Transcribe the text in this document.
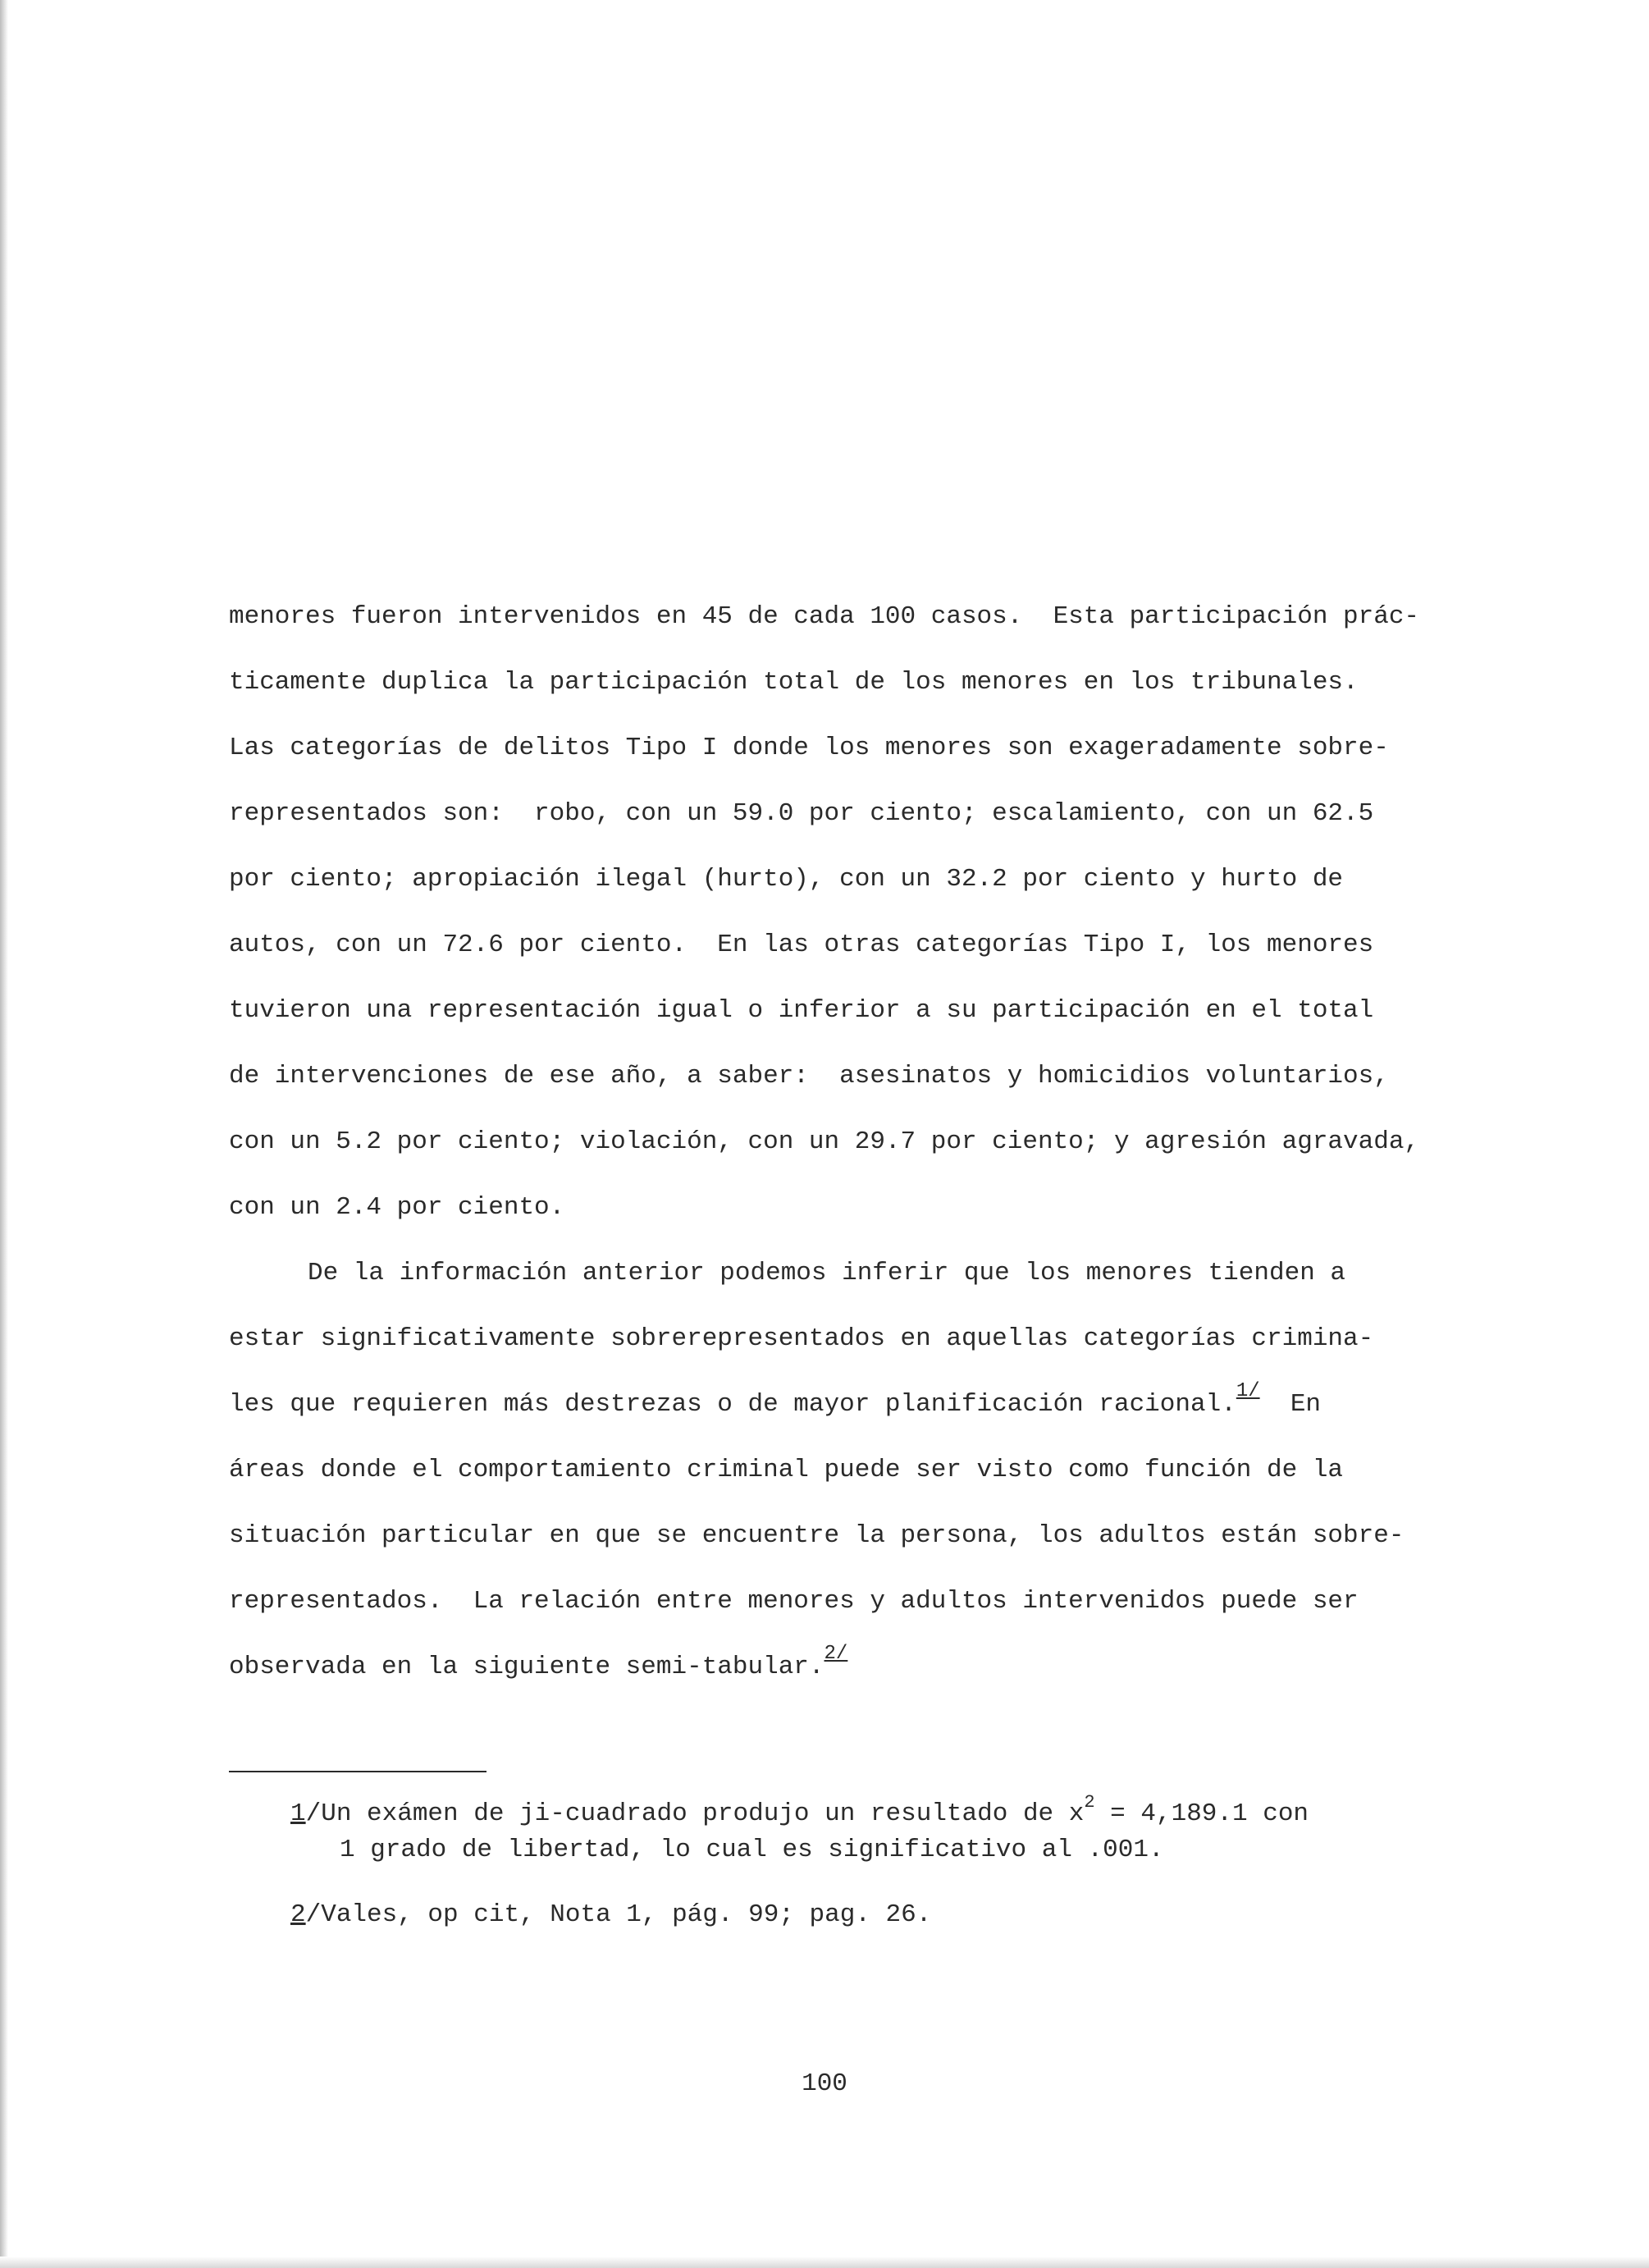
menores fueron intervenidos en 45 de cada 100 casos.  Esta participación prác-
ticamente duplica la participación total de los menores en los tribunales.
Las categorías de delitos Tipo I donde los menores son exageradamente sobre-
representados son:  robo, con un 59.0 por ciento; escalamiento, con un 62.5
por ciento; apropiación ilegal (hurto), con un 32.2 por ciento y hurto de
autos, con un 72.6 por ciento.  En las otras categorías Tipo I, los menores
tuvieron una representación igual o inferior a su participación en el total
de intervenciones de ese año, a saber:  asesinatos y homicidios voluntarios,
con un 5.2 por ciento; violación, con un 29.7 por ciento; y agresión agravada,
con un 2.4 por ciento.
De la información anterior podemos inferir que los menores tienden a
estar significativamente sobrerepresentados en aquellas categorías crimina-
les que requieren más destrezas o de mayor planificación racional.$^{1/}$  En
áreas donde el comportamiento criminal puede ser visto como función de la
situación particular en que se encuentre la persona, los adultos están sobre-
representados.  La relación entre menores y adultos intervenidos puede ser
observada en la siguiente semi-tabular.$^{2/}$
1/Un exámen de ji-cuadrado produjo un resultado de $x^2 = 4,189.1$ con
1 grado de libertad, lo cual es significativo al .001.
2/Vales, op cit, Nota 1, pág. 99; pag. 26.
100
